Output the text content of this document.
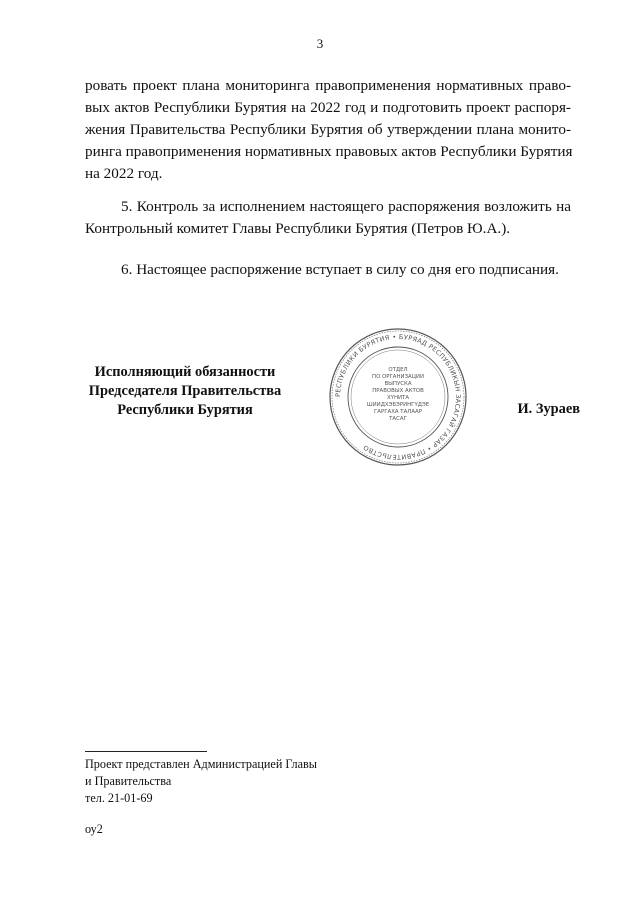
3
ровать проект плана мониторинга правоприменения нормативных право-
вых актов Республики Бурятия на 2022 год и подготовить проект распоря-
жения Правительства Республики Бурятия об утверждении плана монито-
ринга правоприменения нормативных правовых актов Республики Бурятия
на 2022 год.
5. Контроль за исполнением настоящего распоряжения возложить на
Контрольный комитет Главы Республики Бурятия (Петров Ю.А.).
6. Настоящее распоряжение вступает в силу со дня его подписания.
Исполняющий обязанности
Председателя Правительства
Республики Бурятия
РЕСПУБЛИКИ БУРЯТИЯ • БУРЯАД РЕСПУБЛИКЫН ЗАСАГАЙ ГАЗАР • ПРАВИТЕЛЬСТВО
ОТДЕЛ
ПО ОРГАНИЗАЦИИ
ВЫПУСКА
ПРАВОВЫХ АКТОВ
ХҮНИТА
ШИИДХЭБЭРИНГҮДЭЕ
ГАРГАХА ТАЛААР
ТАСАГ
И. Зураев
Проект представлен Администрацией Главы
и Правительства
тел. 21-01-69
оу2
